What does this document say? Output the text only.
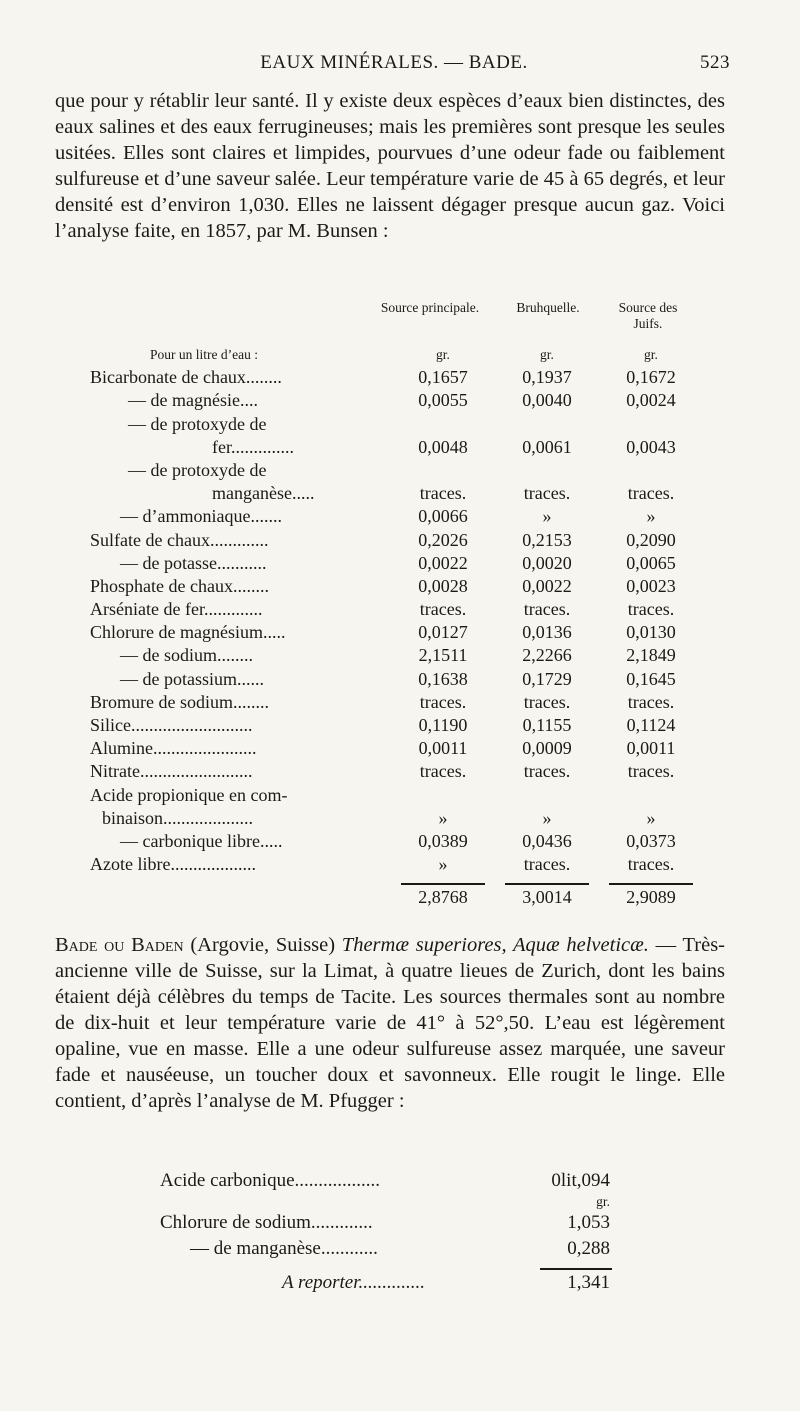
EAUX MINÉRALES. — BADE.	523

que pour y rétablir leur santé. Il y existe deux espèces d’eaux bien distinctes, des eaux salines et des eaux ferrugineuses; mais les premières sont presque les seules usitées. Elles sont claires et limpides, pourvues d’une odeur fade ou faiblement sulfureuse et d’une saveur salée. Leur température varie de 45 à 65 degrés, et leur densité est d’environ 1,030. Elles ne laissent dégager presque aucun gaz. Voici l’analyse faite, en 1857, par M. Bunsen :

Source principale.	Bruhquelle.	Source des Juifs.
Pour un litre d’eau :	gr.	gr.	gr.
Bicarbonate de chaux........	0,1657	0,1937	0,1672
— de magnésie....	0,0055	0,0040	0,0024
— de protoxyde de
fer..............	0,0048	0,0061	0,0043
— de protoxyde de
manganèse.....	traces.	traces.	traces.
— d’ammoniaque.......	0,0066	»	»
Sulfate de chaux.............	0,2026	0,2153	0,2090
— de potasse...........	0,0022	0,0020	0,0065
Phosphate de chaux........	0,0028	0,0022	0,0023
Arséniate de fer.............	traces.	traces.	traces.
Chlorure de magnésium.....	0,0127	0,0136	0,0130
— de sodium........	2,1511	2,2266	2,1849
— de potassium......	0,1638	0,1729	0,1645
Bromure de sodium........	traces.	traces.	traces.
Silice...........................	0,1190	0,1155	0,1124
Alumine.......................	0,0011	0,0009	0,0011
Nitrate.........................	traces.	traces.	traces.
Acide propionique en com-
binaison....................	»	»	»
— carbonique libre.....	0,0389	0,0436	0,0373
Azote libre...................	»	traces.	traces.
2,8768	3,0014	2,9089

Bade ou Baden (Argovie, Suisse) Thermæ superiores, Aquæ helveticæ. — Très-ancienne ville de Suisse, sur la Limat, à quatre lieues de Zurich, dont les bains étaient déjà célèbres du temps de Tacite. Les sources thermales sont au nombre de dix-huit et leur température varie de 41° à 52°,50. L’eau est légèrement opaline, vue en masse. Elle a une odeur sulfureuse assez marquée, une saveur fade et nauséeuse, un toucher doux et savonneux. Elle rougit le linge. Elle contient, d’après l’analyse de M. Pfugger :

Acide carbonique..................	0lit,094
gr.
Chlorure de sodium.............	1,053
— de manganèse............	0,288
A reporter..............	1,341
